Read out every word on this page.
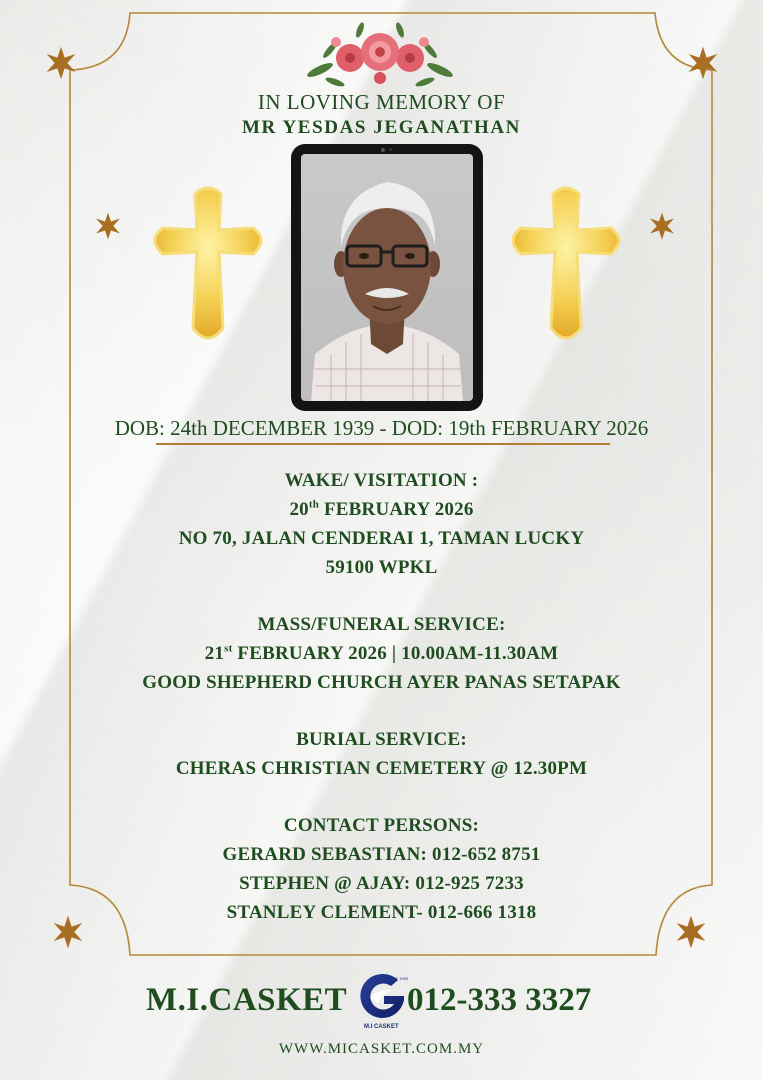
IN LOVING MEMORY OF
MR YESDAS JEGANATHAN
DOB: 24th DECEMBER 1939 - DOD: 19th FEBRUARY 2026
WAKE/ VISITATION :
20th FEBRUARY 2026
NO 70, JALAN CENDERAI 1, TAMAN LUCKY
59100 WPKL
MASS/FUNERAL SERVICE:
21st FEBRUARY 2026 | 10.00AM-11.30AM
GOOD SHEPHERD CHURCH AYER PANAS SETAPAK
BURIAL SERVICE:
CHERAS CHRISTIAN CEMETERY @ 12.30PM
CONTACT PERSONS:
GERARD SEBASTIAN: 012-652 8751
STEPHEN @ AJAY: 012-925 7233
STANLEY CLEMENT- 012-666 1318
M.I.CASKET
SINCE 1990
M.I CASKET
012-333 3327
WWW.MICASKET.COM.MY
